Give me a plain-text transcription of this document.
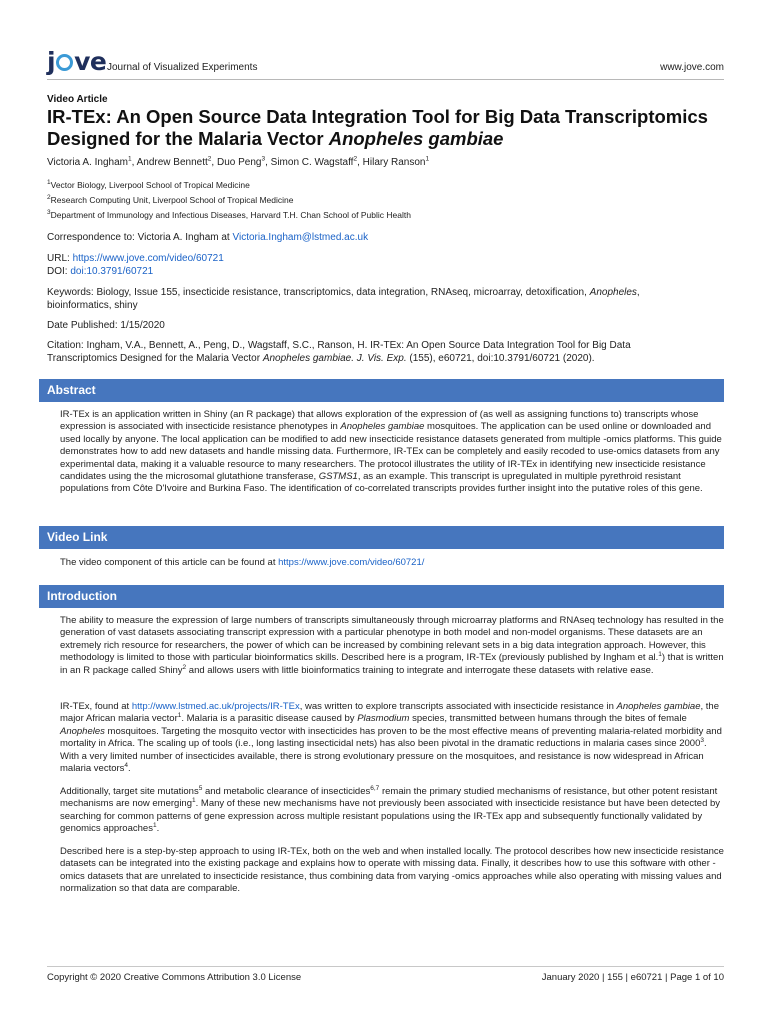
j ve Journal of Visualized Experiments	www.jove.com
Video Article
IR-TEx: An Open Source Data Integration Tool for Big Data Transcriptomics
Designed for the Malaria Vector Anopheles gambiae
Victoria A. Ingham$^1$, Andrew Bennett$^2$, Duo Peng$^3$, Simon C. Wagstaff$^2$, Hilary Ranson$^1$
$^1$Vector Biology, Liverpool School of Tropical Medicine
$^2$Research Computing Unit, Liverpool School of Tropical Medicine
$^3$Department of Immunology and Infectious Diseases, Harvard T.H. Chan School of Public Health
Correspondence to: Victoria A. Ingham at Victoria.Ingham@lstmed.ac.uk
URL: https://www.jove.com/video/60721
DOI: doi:10.3791/60721
Keywords: Biology, Issue 155, insecticide resistance, transcriptomics, data integration, RNAseq, microarray, detoxification, Anopheles,
bioinformatics, shiny
Date Published: 1/15/2020
Citation: Ingham, V.A., Bennett, A., Peng, D., Wagstaff, S.C., Ranson, H. IR-TEx: An Open Source Data Integration Tool for Big Data
Transcriptomics Designed for the Malaria Vector Anopheles gambiae. J. Vis. Exp. (155), e60721, doi:10.3791/60721 (2020).
Abstract
IR-TEx is an application written in Shiny (an R package) that allows exploration of the expression of (as well as assigning functions to) transcripts whose expression is associated with insecticide resistance phenotypes in Anopheles gambiae mosquitoes. The application can be used online or downloaded and used locally by anyone. The local application can be modified to add new insecticide resistance datasets generated from multiple -omics platforms. This guide demonstrates how to add new datasets and handle missing data. Furthermore, IR-TEx can be completely and easily recoded to use-omics datasets from any experimental data, making it a valuable resource to many researchers. The protocol illustrates the utility of IR-TEx in identifying new insecticide resistance candidates using the the microsomal glutathione transferase, GSTMS1, as an example. This transcript is upregulated in multiple pyrethroid resistant populations from Côte D'Ivoire and Burkina Faso. The identification of co-correlated transcripts provides further insight into the putative roles of this gene.
Video Link
The video component of this article can be found at https://www.jove.com/video/60721/
Introduction
The ability to measure the expression of large numbers of transcripts simultaneously through microarray platforms and RNAseq technology has resulted in the generation of vast datasets associating transcript expression with a particular phenotype in both model and non-model organisms. These datasets are an extremely rich resource for researchers, the power of which can be increased by combining relevant sets in a big data integration approach. However, this methodology is limited to those with particular bioinformatics skills. Described here is a program, IR-TEx (previously published by Ingham et al.$^1$) that is written in an R package called Shiny$^2$ and allows users with little bioinformatics training to integrate and interrogate these datasets with relative ease.
IR-TEx, found at http://www.lstmed.ac.uk/projects/IR-TEx, was written to explore transcripts associated with insecticide resistance in Anopheles gambiae, the major African malaria vector$^1$. Malaria is a parasitic disease caused by Plasmodium species, transmitted between humans through the bites of female Anopheles mosquitoes. Targeting the mosquito vector with insecticides has proven to be the most effective means of preventing malaria-related morbidity and mortality in Africa. The scaling up of tools (i.e., long lasting insecticidal nets) has also been pivotal in the dramatic reductions in malaria cases since 2000$^3$. With a very limited number of insecticides available, there is strong evolutionary pressure on the mosquitoes, and resistance is now widespread in African malaria vectors$^4$.
Additionally, target site mutations$^5$ and metabolic clearance of insecticides$^{6,7}$ remain the primary studied mechanisms of resistance, but other potent resistant mechanisms are now emerging$^1$. Many of these new mechanisms have not previously been associated with insecticide resistance but have been detected by searching for common patterns of gene expression across multiple resistant populations using the IR-TEx app and subsequently functionally validated by genomics approaches$^1$.
Described here is a step-by-step approach to using IR-TEx, both on the web and when installed locally. The protocol describes how new insecticide resistance datasets can be integrated into the existing package and explains how to operate with missing data. Finally, it describes how to use this software with other -omics datasets that are unrelated to insecticide resistance, thus combining data from varying -omics approaches while also operating with missing values and normalization so that data are comparable.
Copyright © 2020 Creative Commons Attribution 3.0 License	January 2020 | 155 | e60721 | Page 1 of 10
